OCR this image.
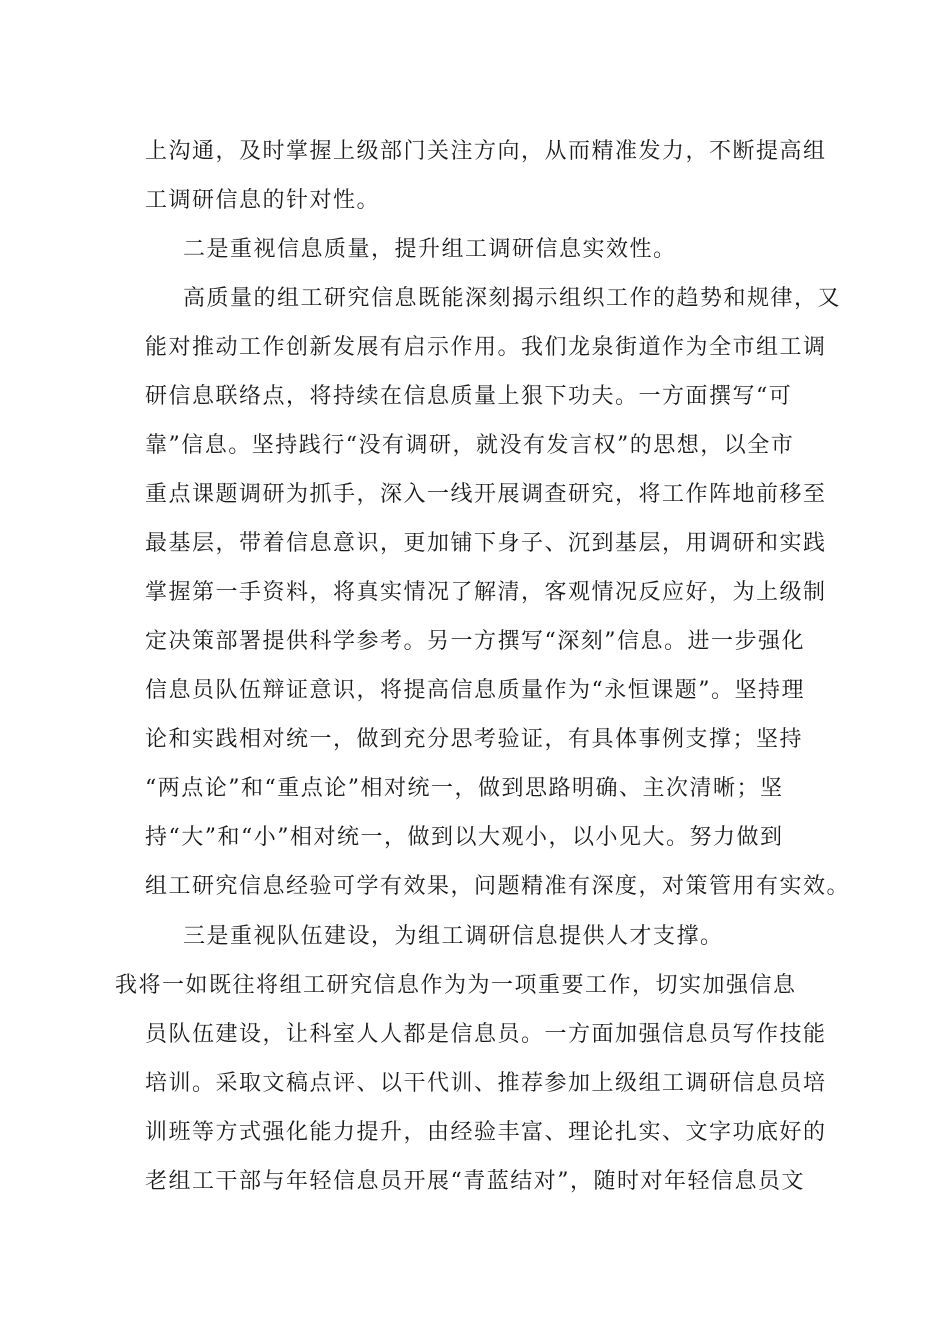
上沟通，及时掌握上级部门关注方向，从而精准发力，不断提高组
工调研信息的针对性。
二是重视信息质量，提升组工调研信息实效性。
高质量的组工研究信息既能深刻揭示组织工作的趋势和规律，又
能对推动工作创新发展有启示作用。我们龙泉街道作为全市组工调
研信息联络点，将持续在信息质量上狠下功夫。一方面撰写“可
靠”信息。坚持践行“没有调研，就没有发言权”的思想，以全市
重点课题调研为抓手，深入一线开展调查研究，将工作阵地前移至
最基层，带着信息意识，更加铺下身子、沉到基层，用调研和实践
掌握第一手资料，将真实情况了解清，客观情况反应好，为上级制
定决策部署提供科学参考。另一方撰写“深刻”信息。进一步强化
信息员队伍辩证意识，将提高信息质量作为“永恒课题”。坚持理
论和实践相对统一，做到充分思考验证，有具体事例支撑；坚持
“两点论”和“重点论”相对统一，做到思路明确、主次清晰；坚
持“大”和“小”相对统一，做到以大观小，以小见大。努力做到
组工研究信息经验可学有效果，问题精准有深度，对策管用有实效。
三是重视队伍建设，为组工调研信息提供人才支撑。
我将一如既往将组工研究信息作为为一项重要工作，切实加强信息
员队伍建设，让科室人人都是信息员。一方面加强信息员写作技能
培训。采取文稿点评、以干代训、推荐参加上级组工调研信息员培
训班等方式强化能力提升，由经验丰富、理论扎实、文字功底好的
老组工干部与年轻信息员开展“青蓝结对”，随时对年轻信息员文
